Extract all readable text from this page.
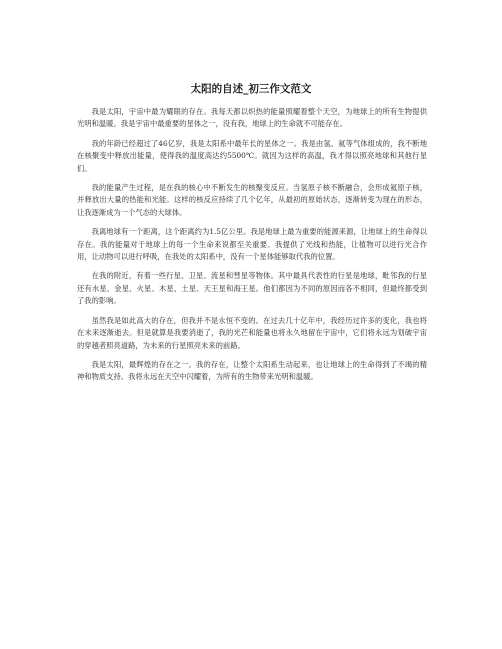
太阳的自述_初三作文范文

我是太阳，宇宙中最为耀眼的存在。我每天都以炽热的能量照耀着整个天空，为地球上的所有生物提供光明和温暖。我是宇宙中最重要的星体之一，没有我，地球上的生命就不可能存在。

我的年龄已经超过了46亿岁，我是太阳系中最年长的星体之一。我是由氢、氦等气体组成的，我不断地在核聚变中释放出能量，使得我的温度高达约5500℃。就因为这样的高温，我才得以照亮地球和其他行星们。

我的能量产生过程，是在我的核心中不断发生的核聚变反应。当氢原子核不断融合，会形成氦原子核，并释放出大量的热能和光能。这样的核反应持续了几个亿年，从最初的原始状态，逐渐转变为现在的形态，让我逐渐成为一个气态的大球体。

我离地球有一个距离，这个距离约为1.5亿公里。我是地球上最为重要的能源来源，让地球上的生命得以存在。我的能量对于地球上的每一个生命来说都至关重要。我提供了光线和热能，让植物可以进行光合作用，让动物可以进行呼吸，在我处的太阳系中，没有一个星体能够取代我的位置。

在我的附近，有着一些行星、卫星、流星和彗星等物体。其中最具代表性的行星是地球，毗邻我的行星还有水星、金星、火星、木星、土星、天王星和海王星。他们都因为不同的原因而各不相同，但最终都受到了我的影响。

虽然我是如此高大的存在，但我并不是永恒不变的。在过去几十亿年中，我经历过许多的变化，我也将在未来逐渐逝去。但是就算是我要消逝了，我的光芒和能量也将永久地留在宇宙中，它们将永远为划破宇宙的穿越者照亮道路，为未来的行星照亮未来的前路。

我是太阳，最辉煌的存在之一。我的存在，让整个太阳系生动起来，也让地球上的生命得到了不竭的精神和物质支持。我将永远在天空中闪耀着，为所有的生物带来光明和温暖。
